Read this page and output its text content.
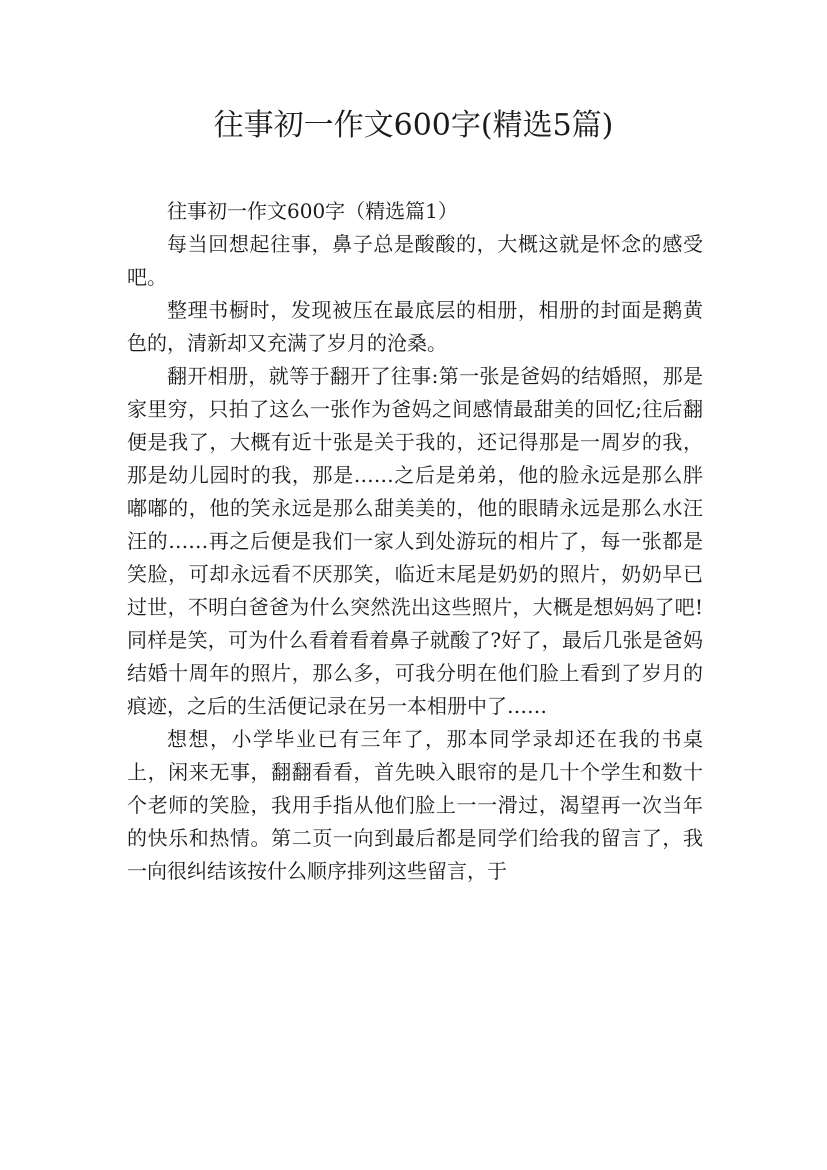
往事初一作文600字(精选5篇)

往事初一作文600字（精选篇1）

每当回想起往事，鼻子总是酸酸的，大概这就是怀念的感受吧。

整理书橱时，发现被压在最底层的相册，相册的封面是鹅黄色的，清新却又充满了岁月的沧桑。

翻开相册，就等于翻开了往事:第一张是爸妈的结婚照，那是家里穷，只拍了这么一张作为爸妈之间感情最甜美的回忆;往后翻便是我了，大概有近十张是关于我的，还记得那是一周岁的我，那是幼儿园时的我，那是……之后是弟弟，他的脸永远是那么胖嘟嘟的，他的笑永远是那么甜美美的，他的眼睛永远是那么水汪汪的……再之后便是我们一家人到处游玩的相片了，每一张都是笑脸，可却永远看不厌那笑，临近末尾是奶奶的照片，奶奶早已过世，不明白爸爸为什么突然洗出这些照片，大概是想妈妈了吧!同样是笑，可为什么看着看着鼻子就酸了?好了，最后几张是爸妈结婚十周年的照片，那么多，可我分明在他们脸上看到了岁月的痕迹，之后的生活便记录在另一本相册中了……

想想，小学毕业已有三年了，那本同学录却还在我的书桌上，闲来无事，翻翻看看，首先映入眼帘的是几十个学生和数十个老师的笑脸，我用手指从他们脸上一一滑过，渴望再一次当年的快乐和热情。第二页一向到最后都是同学们给我的留言了，我一向很纠结该按什么顺序排列这些留言，于
